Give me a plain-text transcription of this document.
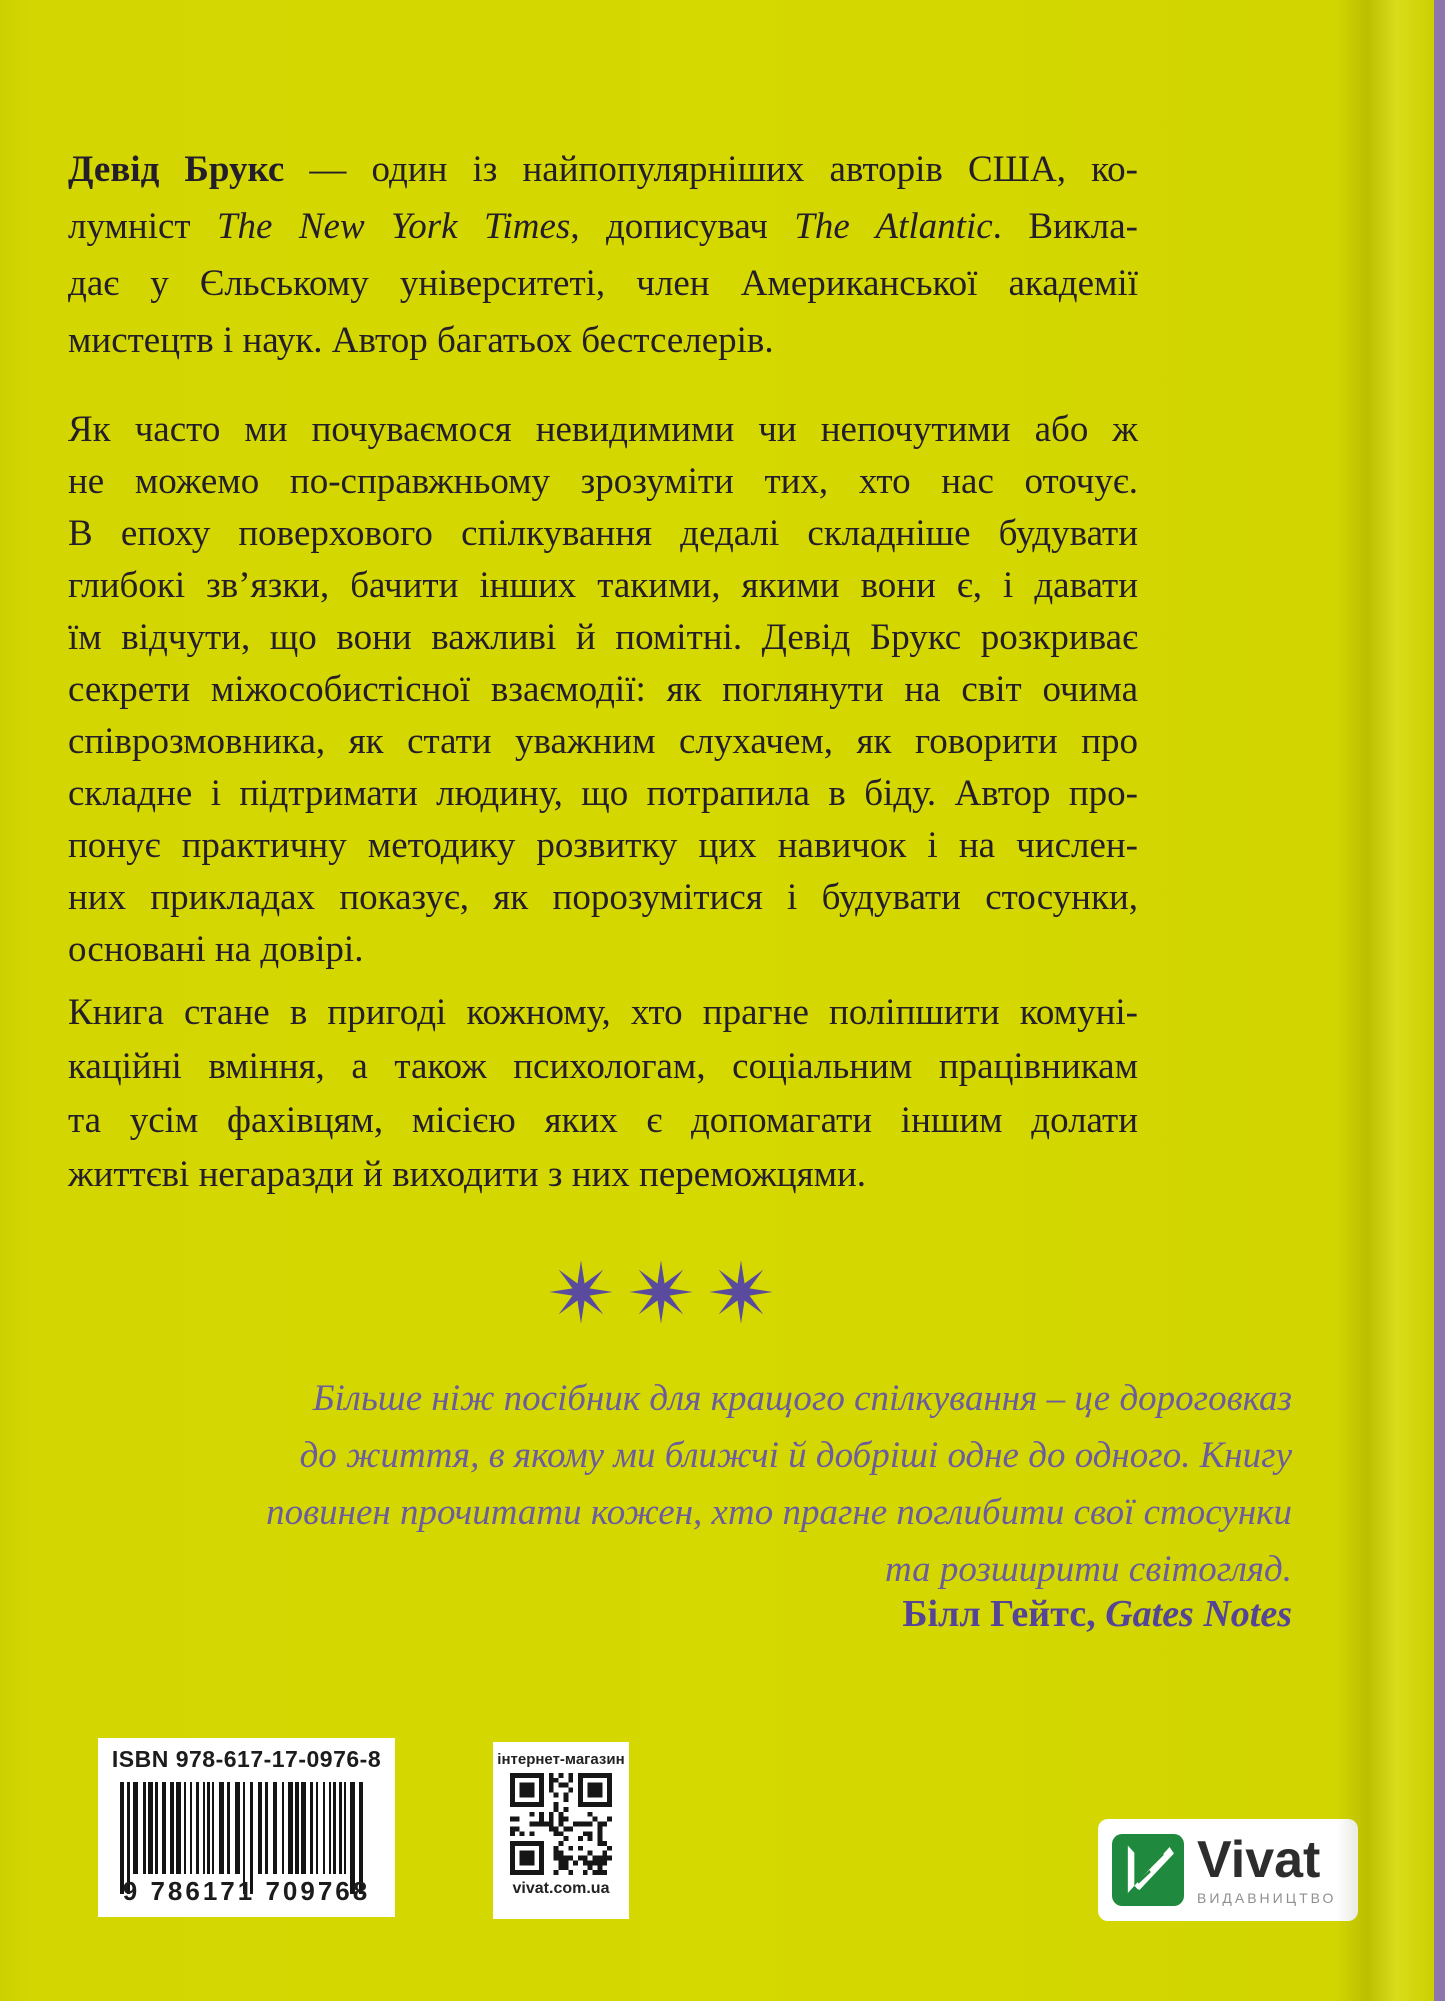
Девід Брукс — один із найпопулярніших авторів США, ко-
лумніст The New York Times, дописувач The Atlantic. Викла-
дає у Єльському університеті, член Американської академії
мистецтв і наук. Автор багатьох бестселерів.
Як часто ми почуваємося невидимими чи непочутими або ж
не можемо по-справжньому зрозуміти тих, хто нас оточує.
В епоху поверхового спілкування дедалі складніше будувати
глибокі зв’язки, бачити інших такими, якими вони є, і давати
їм відчути, що вони важливі й помітні. Девід Брукс розкриває
секрети міжособистісної взаємодії: як поглянути на світ очима
співрозмовника, як стати уважним слухачем, як говорити про
складне і підтримати людину, що потрапила в біду. Автор про-
понує практичну методику розвитку цих навичок і на числен-
них прикладах показує, як порозумітися і будувати стосунки,
основані на довірі.
Книга стане в пригоді кожному, хто прагне поліпшити комуні-
каційні вміння, а також психологам, соціальним працівникам
та усім фахівцям, місією яких є допомагати іншим долати
життєві негаразди й виходити з них переможцями.
Більше ніж посібник для кращого спілкування – це дороговказ
до життя, в якому ми ближчі й добріші одне до одного. Книгу
повинен прочитати кожен, хто прагне поглибити свої стосунки
та розширити світогляд.
Білл Гейтс, Gates Notes
ISBN 978-617-17-0976-8
9 786171 709768
інтернет-магазин
vivat.com.ua	Vivat
ВИДАВНИЦТВО
